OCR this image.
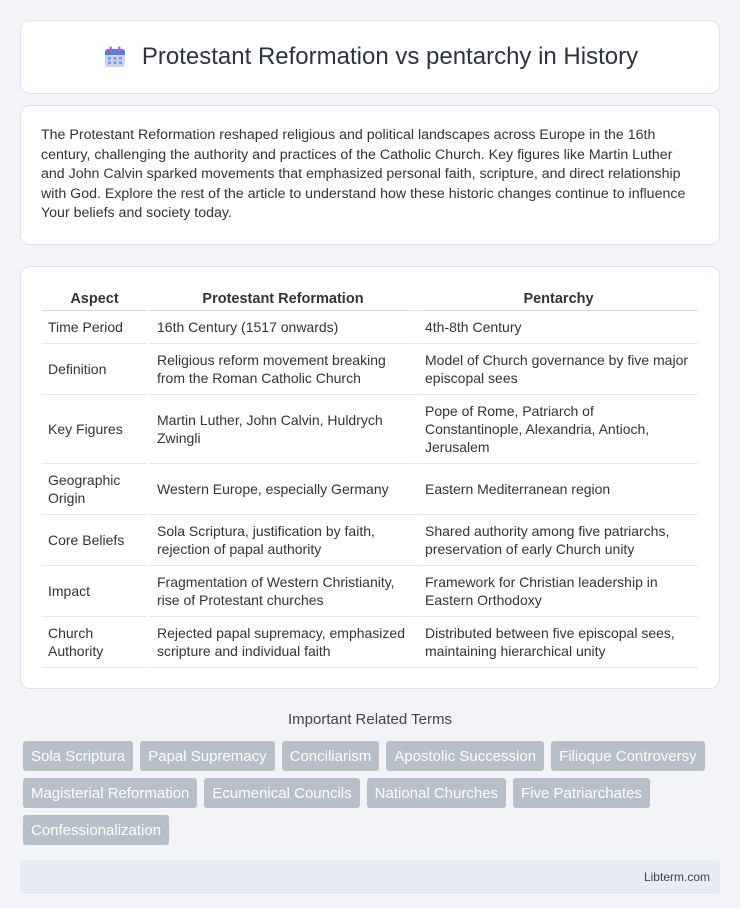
Protestant Reformation vs pentarchy in History

The Protestant Reformation reshaped religious and political landscapes across Europe in the 16th century, challenging the authority and practices of the Catholic Church. Key figures like Martin Luther and John Calvin sparked movements that emphasized personal faith, scripture, and direct relationship with God. Explore the rest of the article to understand how these historic changes continue to influence Your beliefs and society today.

Aspect	Protestant Reformation	Pentarchy
Time Period	16th Century (1517 onwards)	4th-8th Century
Definition	Religious reform movement breaking from the Roman Catholic Church	Model of Church governance by five major episcopal sees
Key Figures	Martin Luther, John Calvin, Huldrych Zwingli	Pope of Rome, Patriarch of Constantinople, Alexandria, Antioch, Jerusalem
Geographic Origin	Western Europe, especially Germany	Eastern Mediterranean region
Core Beliefs	Sola Scriptura, justification by faith, rejection of papal authority	Shared authority among five patriarchs, preservation of early Church unity
Impact	Fragmentation of Western Christianity, rise of Protestant churches	Framework for Christian leadership in Eastern Orthodoxy
Church Authority	Rejected papal supremacy, emphasized scripture and individual faith	Distributed between five episcopal sees, maintaining hierarchical unity
Important Related Terms
Sola Scriptura	Papal Supremacy	Conciliarism	Apostolic Succession	Filioque Controversy
Magisterial Reformation	Ecumenical Councils	National Churches	Five Patriarchates
Confessionalization
Libterm.com
